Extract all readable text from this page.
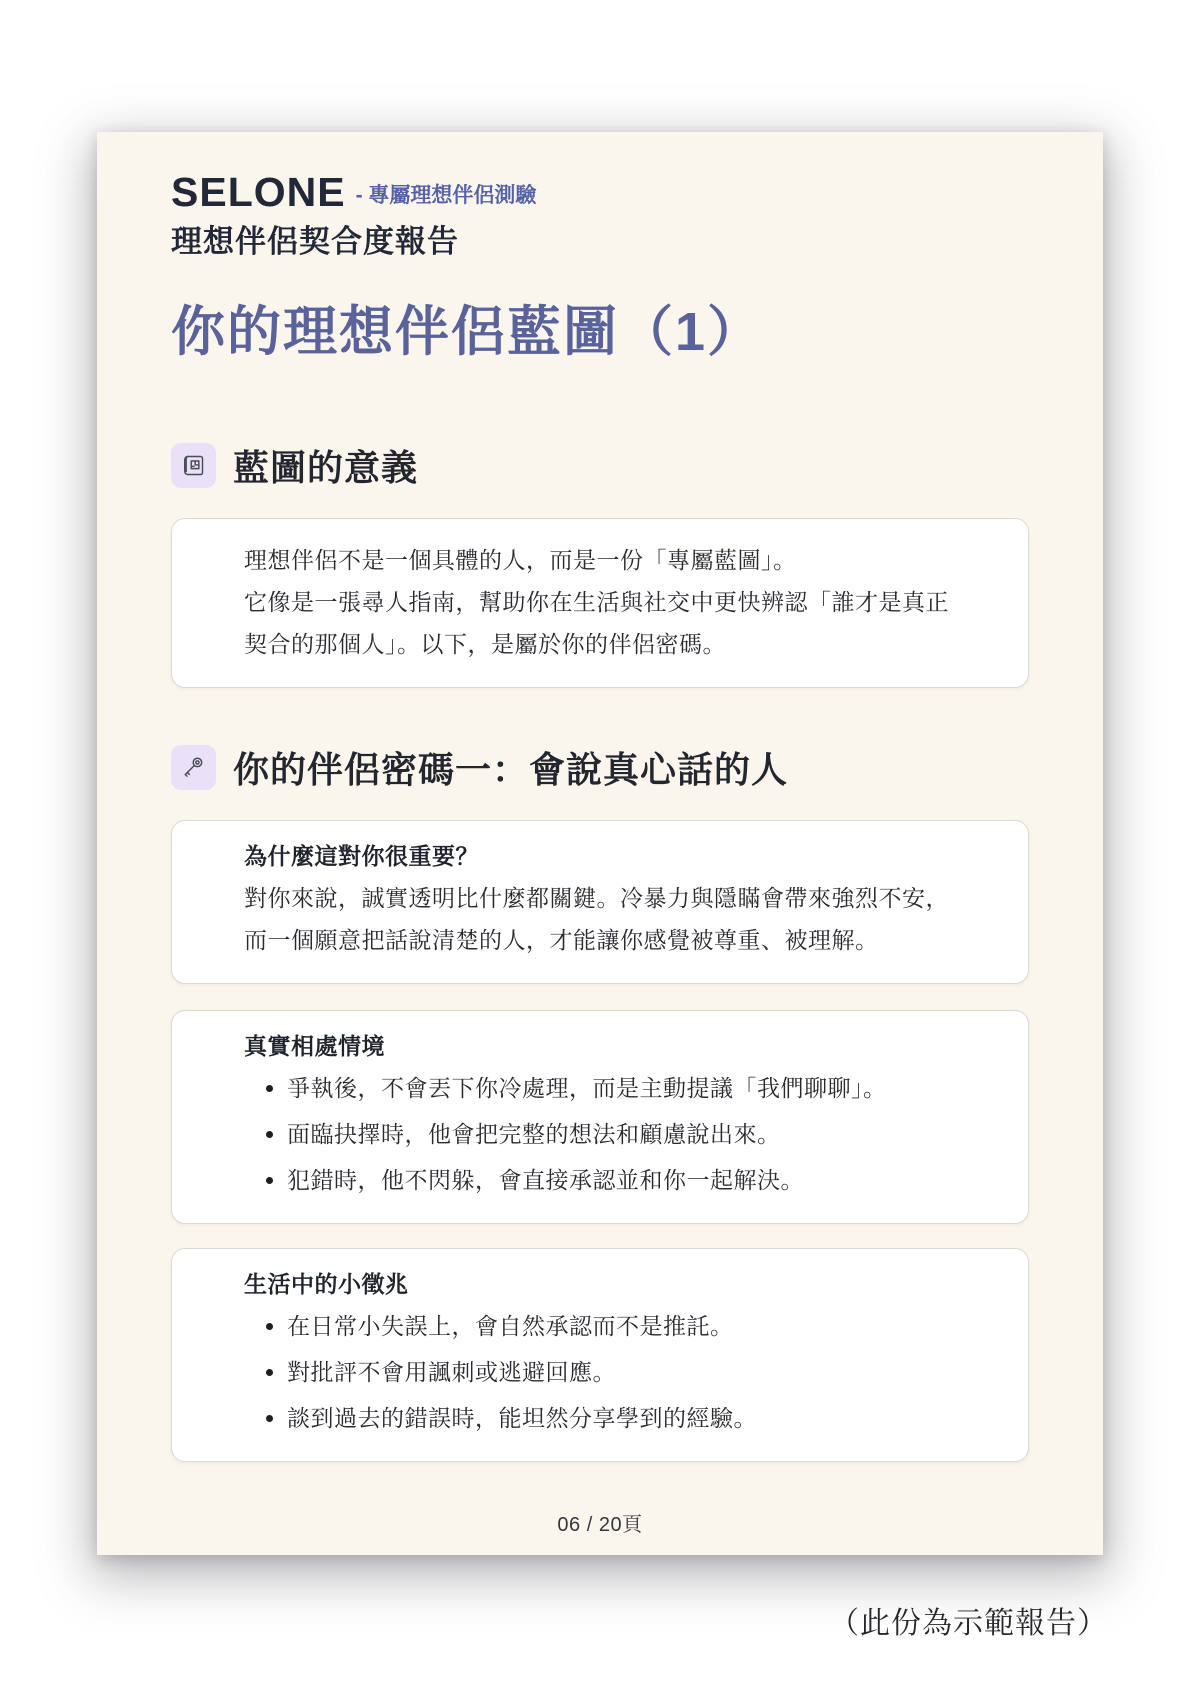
SELONE - 專屬理想伴侶測驗
理想伴侶契合度報告
你的理想伴侶藍圖（1）
藍圖的意義

理想伴侶不是一個具體的人，而是一份「專屬藍圖」。

它像是一張尋人指南，幫助你在生活與社交中更快辨認「誰才是真正契合的那個人」。以下，是屬於你的伴侶密碼。

你的伴侶密碼一：會說真心話的人
為什麼這對你很重要？

對你來說，誠實透明比什麼都關鍵。冷暴力與隱瞞會帶來強烈不安，而一個願意把話說清楚的人，才能讓你感覺被尊重、被理解。

真實相處情境
爭執後，不會丟下你冷處理，而是主動提議「我們聊聊」。
面臨抉擇時，他會把完整的想法和顧慮說出來。
犯錯時，他不閃躲，會直接承認並和你一起解決。
生活中的小徵兆
在日常小失誤上，會自然承認而不是推託。
對批評不會用諷刺或逃避回應。
談到過去的錯誤時，能坦然分享學到的經驗。
06 / 20頁
（此份為示範報告）
